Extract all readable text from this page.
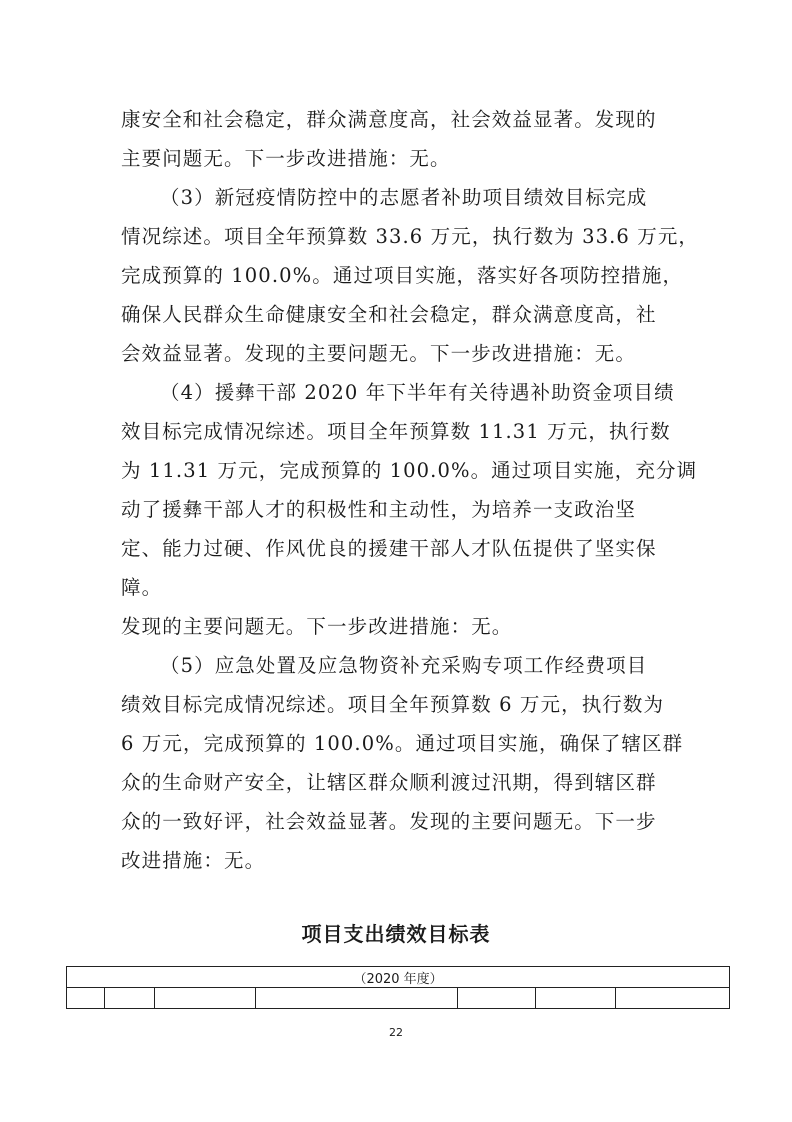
康安全和社会稳定，群众满意度高，社会效益显著。发现的
主要问题无。下一步改进措施：无。
（3）新冠疫情防控中的志愿者补助项目绩效目标完成
情况综述。项目全年预算数 33.6 万元，执行数为 33.6 万元，
完成预算的 100.0%。通过项目实施，落实好各项防控措施，
确保人民群众生命健康安全和社会稳定，群众满意度高，社
会效益显著。发现的主要问题无。下一步改进措施：无。
（4）援彝干部 2020 年下半年有关待遇补助资金项目绩
效目标完成情况综述。项目全年预算数 11.31 万元，执行数
为 11.31 万元，完成预算的 100.0%。通过项目实施，充分调
动了援彝干部人才的积极性和主动性，为培养一支政治坚
定、能力过硬、作风优良的援建干部人才队伍提供了坚实保
障。
发现的主要问题无。下一步改进措施：无。
（5）应急处置及应急物资补充采购专项工作经费项目
绩效目标完成情况综述。项目全年预算数 6 万元，执行数为
6 万元，完成预算的 100.0%。通过项目实施，确保了辖区群
众的生命财产安全，让辖区群众顺利渡过汛期，得到辖区群
众的一致好评，社会效益显著。发现的主要问题无。下一步
改进措施：无。
项目支出绩效目标表
（2020 年度）

22
